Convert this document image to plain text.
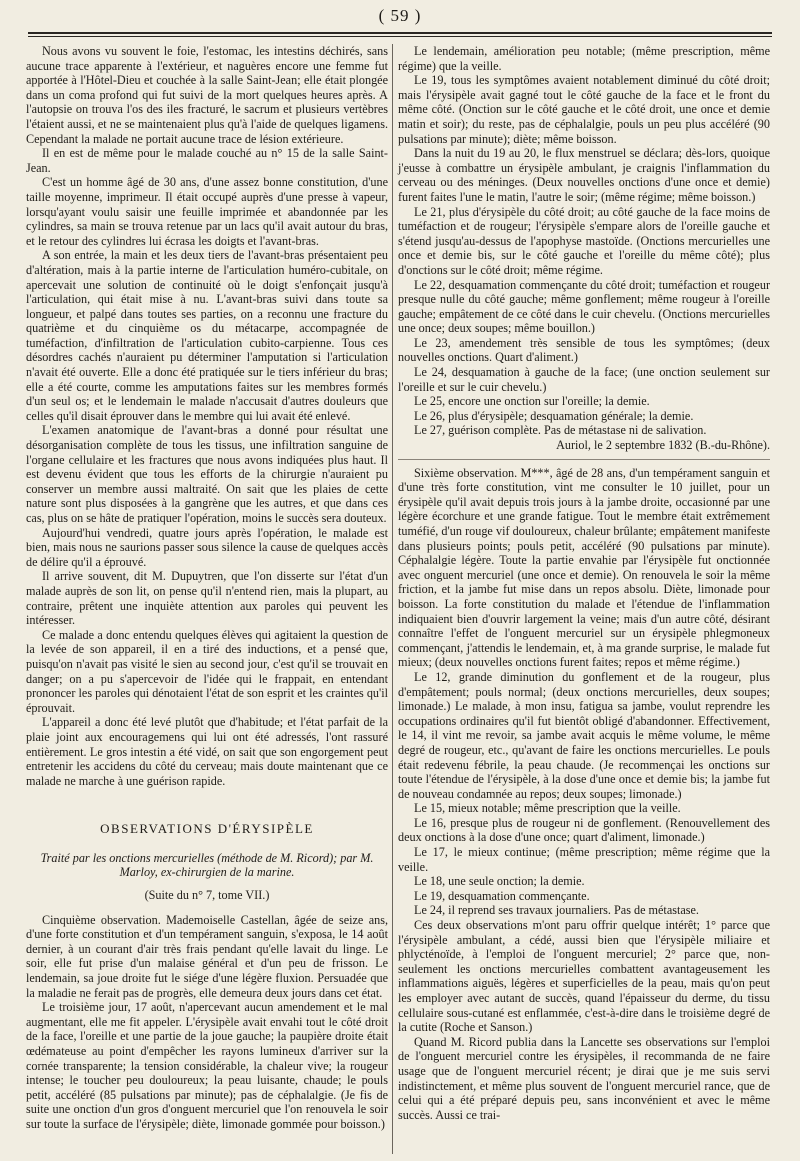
( 59 )

Nous avons vu souvent le foie, l'estomac, les intestins déchirés, sans aucune trace apparente à l'extérieur, et naguères encore une femme fut apportée à l'Hôtel-Dieu et couchée à la salle Saint-Jean; elle était plongée dans un coma profond qui fut suivi de la mort quelques heures après. A l'autopsie on trouva l'os des iles fracturé, le sacrum et plusieurs vertèbres l'étaient aussi, et ne se maintenaient plus qu'à l'aide de quelques ligamens. Cependant la malade ne portait aucune trace de lésion extérieure.

Il en est de même pour le malade couché au n° 15 de la salle Saint-Jean.

C'est un homme âgé de 30 ans, d'une assez bonne constitution, d'une taille moyenne, imprimeur. Il était occupé auprès d'une presse à vapeur, lorsqu'ayant voulu saisir une feuille imprimée et abandonnée par les cylindres, sa main se trouva retenue par un lacs qu'il avait autour du bras, et le retour des cylindres lui écrasa les doigts et l'avant-bras.

A son entrée, la main et les deux tiers de l'avant-bras présentaient peu d'altération, mais à la partie interne de l'articulation huméro-cubitale, on apercevait une solution de continuité où le doigt s'enfonçait jusqu'à l'articulation, qui était mise à nu. L'avant-bras suivi dans toute sa longueur, et palpé dans toutes ses parties, on a reconnu une fracture du quatrième et du cinquième os du métacarpe, accompagnée de tuméfaction, d'infiltration de l'articulation cubito-carpienne. Tous ces désordres cachés n'auraient pu déterminer l'amputation si l'articulation n'avait été ouverte. Elle a donc été pratiquée sur le tiers inférieur du bras; elle a été courte, comme les amputations faites sur les membres formés d'un seul os; et le lendemain le malade n'accusait d'autres douleurs que celles qu'il disait éprouver dans le membre qui lui avait été enlevé.

L'examen anatomique de l'avant-bras a donné pour résultat une désorganisation complète de tous les tissus, une infiltration sanguine de l'organe cellulaire et les fractures que nous avons indiquées plus haut. Il est devenu évident que tous les efforts de la chirurgie n'auraient pu conserver un membre aussi maltraité. On sait que les plaies de cette nature sont plus disposées à la gangrène que les autres, et que dans ces cas, plus on se hâte de pratiquer l'opération, moins le succès sera douteux.

Aujourd'hui vendredi, quatre jours après l'opération, le malade est bien, mais nous ne saurions passer sous silence la cause de quelques accès de délire qu'il a éprouvé.

Il arrive souvent, dit M. Dupuytren, que l'on disserte sur l'état d'un malade auprès de son lit, on pense qu'il n'entend rien, mais la plupart, au contraire, prêtent une inquiète attention aux paroles qui peuvent les intéresser.

Ce malade a donc entendu quelques élèves qui agitaient la question de la levée de son appareil, il en a tiré des inductions, et a pensé que, puisqu'on n'avait pas visité le sien au second jour, c'est qu'il se trouvait en danger; on a pu s'apercevoir de l'idée qui le frappait, en entendant prononcer les paroles qui dénotaient l'état de son esprit et les craintes qu'il éprouvait.

L'appareil a donc été levé plutôt que d'habitude; et l'état parfait de la plaie joint aux encouragemens qui lui ont été adressés, l'ont rassuré entièrement. Le gros intestin a été vidé, on sait que son engorgement peut entretenir les accidens du côté du cerveau; mais doute maintenant que ce malade ne marche à une guérison rapide.

OBSERVATIONS D'ÉRYSIPÈLE

Traité par les onctions mercurielles (méthode de M. Ricord); par M. Marloy, ex-chirurgien de la marine.

(Suite du n° 7, tome VII.)

Cinquième observation. Mademoiselle Castellan, âgée de seize ans, d'une forte constitution et d'un tempérament sanguin, s'exposa, le 14 août dernier, à un courant d'air très frais pendant qu'elle lavait du linge. Le soir, elle fut prise d'un malaise général et d'un peu de frisson. Le lendemain, sa joue droite fut le siége d'une légère fluxion. Persuadée que la maladie ne ferait pas de progrès, elle demeura deux jours dans cet état.

Le troisième jour, 17 août, n'apercevant aucun amendement et le mal augmentant, elle me fit appeler. L'érysipèle avait envahi tout le côté droit de la face, l'oreille et une partie de la joue gauche; la paupière droite était œdémateuse au point d'empêcher les rayons lumineux d'arriver sur la cornée transparente; la tension considérable, la chaleur vive; la rougeur intense; le toucher peu douloureux; la peau luisante, chaude; le pouls petit, accéléré (85 pulsations par minute); pas de céphalalgie. (Je fis de suite une onction d'un gros d'onguent mercuriel que l'on renouvela le soir sur toute la surface de l'érysipèle; diète, limonade gommée pour boisson.)

Le lendemain, amélioration peu notable; (même prescription, même régime) que la veille.

Le 19, tous les symptômes avaient notablement diminué du côté droit; mais l'érysipèle avait gagné tout le côté gauche de la face et le front du même côté. (Onction sur le côté gauche et le côté droit, une once et demie matin et soir); du reste, pas de céphalalgie, pouls un peu plus accéléré (90 pulsations par minute); diète; même boisson.

Dans la nuit du 19 au 20, le flux menstruel se déclara; dès-lors, quoique j'eusse à combattre un érysipèle ambulant, je craignis l'inflammation du cerveau ou des méninges. (Deux nouvelles onctions d'une once et demie) furent faites l'une le matin, l'autre le soir; (même régime; même boisson.)

Le 21, plus d'érysipèle du côté droit; au côté gauche de la face moins de tuméfaction et de rougeur; l'érysipèle s'empare alors de l'oreille gauche et s'étend jusqu'au-dessus de l'apophyse mastoïde. (Onctions mercurielles une once et demie bis, sur le côté gauche et l'oreille du même côté); plus d'onctions sur le côté droit; même régime.

Le 22, desquamation commençante du côté droit; tuméfaction et rougeur presque nulle du côté gauche; même gonflement; même rougeur à l'oreille gauche; empâtement de ce côté dans le cuir chevelu. (Onctions mercurielles une once; deux soupes; même bouillon.)

Le 23, amendement très sensible de tous les symptômes; (deux nouvelles onctions. Quart d'aliment.)

Le 24, desquamation à gauche de la face; (une onction seulement sur l'oreille et sur le cuir chevelu.)

Le 25, encore une onction sur l'oreille; la demie.

Le 26, plus d'érysipèle; desquamation générale; la demie.

Le 27, guérison complète. Pas de métastase ni de salivation.

Auriol, le 2 septembre 1832 (B.-du-Rhône).

Sixième observation. M***, âgé de 28 ans, d'un tempérament sanguin et d'une très forte constitution, vint me consulter le 10 juillet, pour un érysipèle qu'il avait depuis trois jours à la jambe droite, occasionné par une légère écorchure et une grande fatigue. Tout le membre était extrêmement tuméfié, d'un rouge vif douloureux, chaleur brûlante; empâtement manifeste dans plusieurs points; pouls petit, accéléré (90 pulsations par minute). Céphalalgie légère. Toute la partie envahie par l'érysipèle fut onctionnée avec onguent mercuriel (une once et demie). On renouvela le soir la même friction, et la jambe fut mise dans un repos absolu. Diète, limonade pour boisson. La forte constitution du malade et l'étendue de l'inflammation indiquaient bien d'ouvrir largement la veine; mais d'un autre côté, désirant connaître l'effet de l'onguent mercuriel sur un érysipèle phlegmoneux commençant, j'attendis le lendemain, et, à ma grande surprise, le malade fut mieux; (deux nouvelles onctions furent faites; repos et même régime.)

Le 12, grande diminution du gonflement et de la rougeur, plus d'empâtement; pouls normal; (deux onctions mercurielles, deux soupes; limonade.) Le malade, à mon insu, fatigua sa jambe, voulut reprendre les occupations ordinaires qu'il fut bientôt obligé d'abandonner. Effectivement, le 14, il vint me revoir, sa jambe avait acquis le même volume, le même degré de rougeur, etc., qu'avant de faire les onctions mercurielles. Le pouls était redevenu fébrile, la peau chaude. (Je recommençai les onctions sur toute l'étendue de l'érysipèle, à la dose d'une once et demie bis; la jambe fut de nouveau condamnée au repos; deux soupes; limonade.)

Le 15, mieux notable; même prescription que la veille.

Le 16, presque plus de rougeur ni de gonflement. (Renouvellement des deux onctions à la dose d'une once; quart d'aliment, limonade.)

Le 17, le mieux continue; (même prescription; même régime que la veille.

Le 18, une seule onction; la demie.

Le 19, desquamation commençante.

Le 24, il reprend ses travaux journaliers. Pas de métastase.

Ces deux observations m'ont paru offrir quelque intérêt; 1° parce que l'érysipèle ambulant, a cédé, aussi bien que l'érysipèle miliaire et phlycténoïde, à l'emploi de l'onguent mercuriel; 2° parce que, non-seulement les onctions mercurielles combattent avantageusement les inflammations aiguës, légères et superficielles de la peau, mais qu'on peut les employer avec autant de succès, quand l'épaisseur du derme, du tissu cellulaire sous-cutané est enflammée, c'est-à-dire dans le troisième degré de la cutite (Roche et Sanson.)

Quand M. Ricord publia dans la Lancette ses observations sur l'emploi de l'onguent mercuriel contre les érysipèles, il recommanda de ne faire usage que de l'onguent mercuriel récent; je dirai que je me suis servi indistinctement, et même plus souvent de l'onguent mercuriel rance, que de celui qui a été préparé depuis peu, sans inconvénient et avec le même succès. Aussi ce trai-
